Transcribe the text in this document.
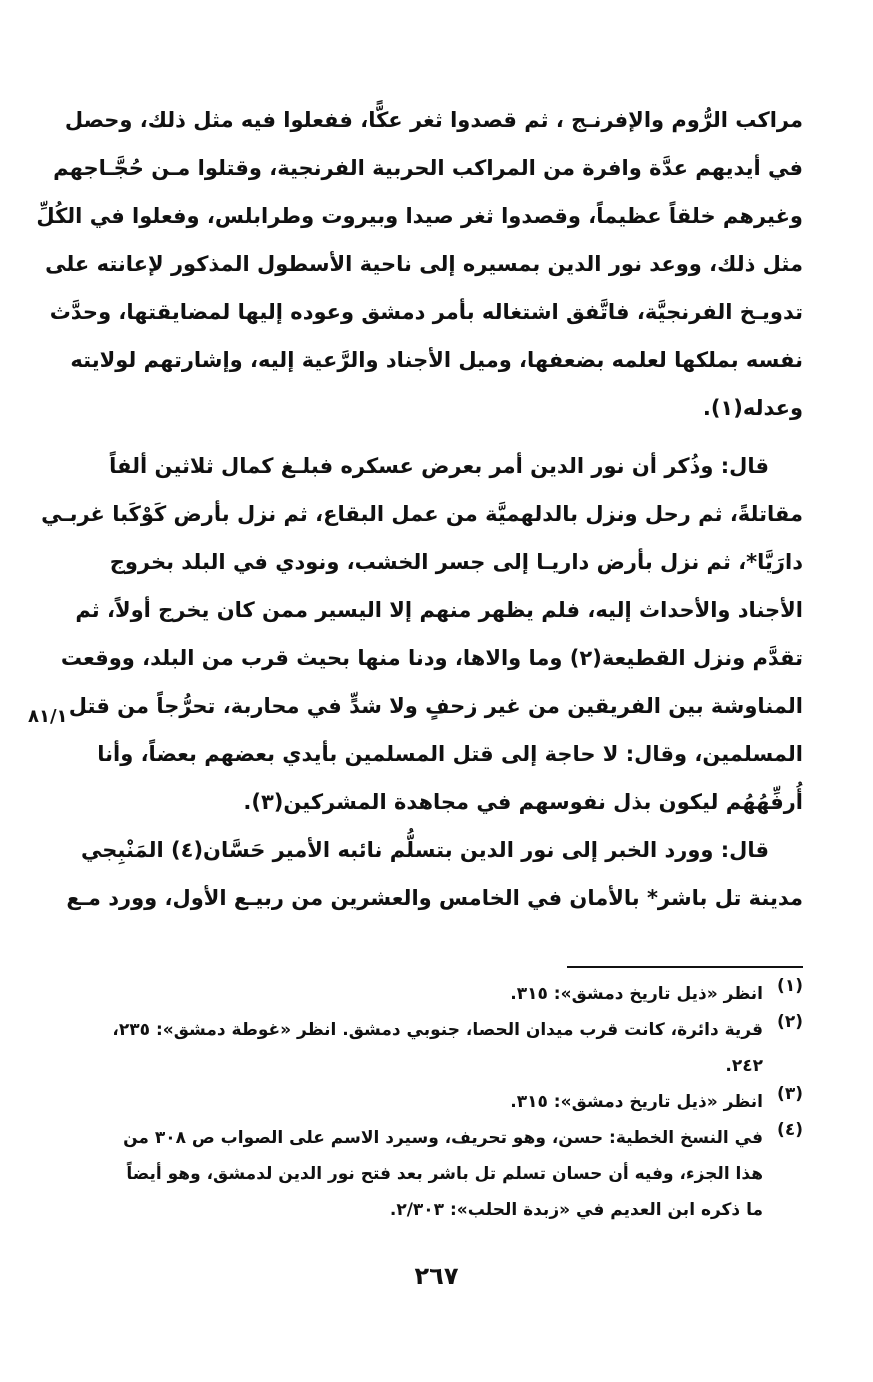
مراكب الرُّوم والإفرنـج ، ثم قصدوا ثغر عكًّا، ففعلوا فيه مثل ذلك، وحصل
في أيديهم عدَّة وافرة من المراكب الحربية الفرنجية، وقتلوا مـن حُجَّـاجهم
وغيرهم خلقاً عظيماً، وقصدوا ثغر صيدا وبيروت وطرابلس، وفعلوا في الكُلِّ
مثل ذلك، ووعد نور الدين بمسيره إلى ناحية الأسطول المذكور لإعانته على
تدويـخ الفرنجيَّة، فاتَّفق اشتغاله بأمر دمشق وعوده إليها لمضايقتها، وحدَّث
نفسه بملكها لعلمه بضعفها، وميل الأجناد والرَّعية إليه، وإشارتهم لولايته
وعدله(١).
قال: وذُكر أن نور الدين أمر بعرض عسكره فبلـغ كمال ثلاثين ألفاً
مقاتلةً، ثم رحل ونزل بالدلهميَّة من عمل البقاع، ثم نزل بأرض كَوْكَبا غربـي
دارَيَّا*، ثم نزل بأرض داريـا إلى جسر الخشب، ونودي في البلد بخروج
الأجناد والأحداث إليه، فلم يظهر منهم إلا اليسير ممن كان يخرج أولاً، ثم
تقدَّم ونزل القطيعة(٢) وما والاها، ودنا منها بحيث قرب من البلد، ووقعت
المناوشة بين الفريقين من غير زحفٍ ولا شدٍّ في محاربة، تحرُّجاً من قتل
المسلمين، وقال: لا حاجة إلى قتل المسلمين بأيدي بعضهم بعضاً، وأنا
أُرفِّهُهُم ليكون بذل نفوسهم في مجاهدة المشركين(٣).
٨١/١
قال: وورد الخبر إلى نور الدين بتسلُّم نائبه الأمير حَسَّان(٤) المَنْبِجي
مدينة تل باشر* بالأمان في الخامس والعشرين من ربيـع الأول، وورد مـع
(١)
انظر «ذيل تاريخ دمشق»: ٣١٥.
(٢)
قرية دائرة، كانت قرب ميدان الحصا، جنوبي دمشق. انظر «غوطة دمشق»: ٢٣٥،
٢٤٢.
(٣)
انظر «ذيل تاريخ دمشق»: ٣١٥.
(٤)
في النسخ الخطية: حسن، وهو تحريف، وسيرد الاسم على الصواب ص ٣٠٨ من
هذا الجزء، وفيه أن حسان تسلم تل باشر بعد فتح نور الدين لدمشق، وهو أيضاً
ما ذكره ابن العديم في «زبدة الحلب»: ٢/٣٠٣.
٢٦٧
